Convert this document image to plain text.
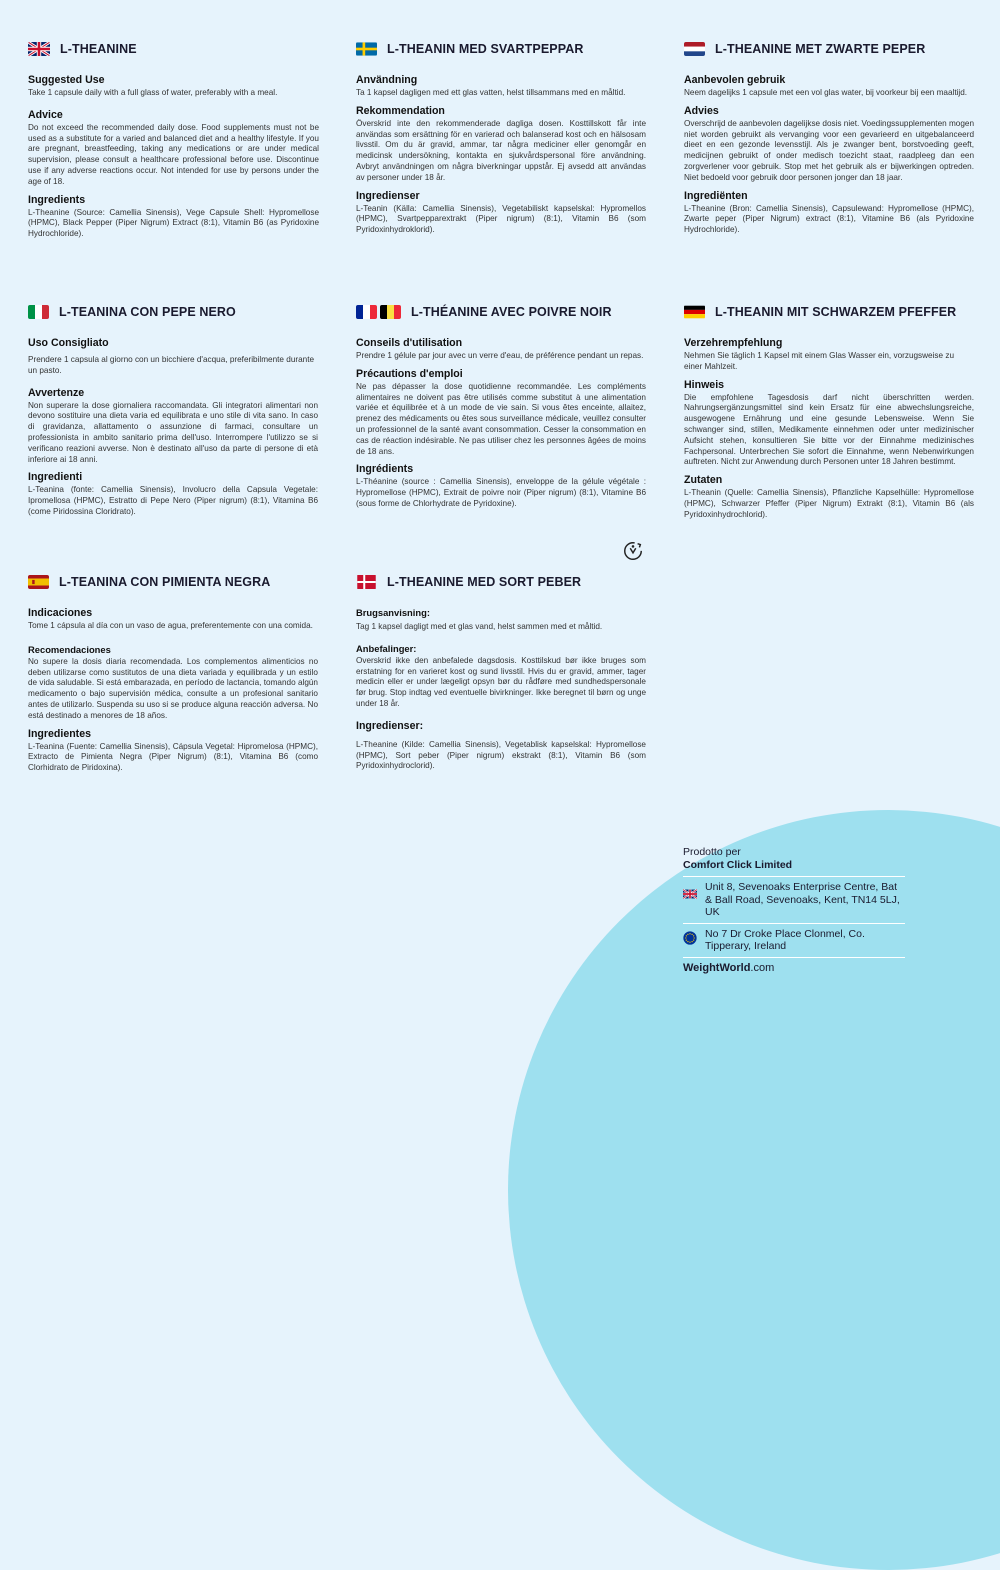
L-THEANINE
Suggested Use
Take 1 capsule daily with a full glass of water, preferably with a meal.
Advice
Do not exceed the recommended daily dose. Food supplements must not be used as a substitute for a varied and balanced diet and a healthy lifestyle. If you are pregnant, breastfeeding, taking any medications or are under medical supervision, please consult a healthcare professional before use. Discontinue use if any adverse reactions occur. Not intended for use by persons under the age of 18.
Ingredients
L-Theanine (Source: Camellia Sinensis), Vege Capsule Shell: Hypromellose (HPMC), Black Pepper (Piper Nigrum) Extract (8:1), Vitamin B6 (as Pyridoxine Hydrochloride).
L-THEANIN MED SVARTPEPPAR
Användning
Ta 1 kapsel dagligen med ett glas vatten, helst tillsammans med en måltid.
Rekommendation
Överskrid inte den rekommenderade dagliga dosen. Kosttillskott får inte användas som ersättning för en varierad och balanserad kost och en hälsosam livsstil. Om du är gravid, ammar, tar några mediciner eller genomgår en medicinsk undersökning, kontakta en sjukvårdspersonal före användning. Avbryt användningen om några biverkningar uppstår. Ej avsedd att användas av personer under 18 år.
Ingredienser
L-Teanin (Källa: Camellia Sinensis), Vegetabiliskt kapselskal: Hypromellos (HPMC), Svartpepparextrakt (Piper nigrum) (8:1), Vitamin B6 (som Pyridoxinhydroklorid).
L-THEANINE MET ZWARTE PEPER
Aanbevolen gebruik
Neem dagelijks 1 capsule met een vol glas water, bij voorkeur bij een maaltijd.
Advies
Overschrijd de aanbevolen dagelijkse dosis niet. Voedingssupplementen mogen niet worden gebruikt als vervanging voor een gevarieerd en uitgebalanceerd dieet en een gezonde levensstijl. Als je zwanger bent, borstvoeding geeft, medicijnen gebruikt of onder medisch toezicht staat, raadpleeg dan een zorgverlener voor gebruik. Stop met het gebruik als er bijwerkingen optreden. Niet bedoeld voor gebruik door personen jonger dan 18 jaar.
Ingrediënten
L-Theanine (Bron: Camellia Sinensis), Capsulewand: Hypromellose (HPMC), Zwarte peper (Piper Nigrum) extract (8:1), Vitamine B6 (als Pyridoxine Hydrochloride).
L-TEANINA CON PEPE NERO
Uso Consigliato
Prendere 1 capsula al giorno con un bicchiere d'acqua, preferibilmente durante un pasto.
Avvertenze
Non superare la dose giornaliera raccomandata. Gli integratori alimentari non devono sostituire una dieta varia ed equilibrata e uno stile di vita sano. In caso di gravidanza, allattamento o assunzione di farmaci, consultare un professionista in ambito sanitario prima dell'uso. Interrompere l'utilizzo se si verificano reazioni avverse. Non è destinato all'uso da parte di persone di età inferiore ai 18 anni.
Ingredienti
L-Teanina (fonte: Camellia Sinensis), Involucro della Capsula Vegetale: Ipromellosa (HPMC), Estratto di Pepe Nero (Piper nigrum) (8:1), Vitamina B6 (come Piridossina Cloridrato).
L-THÉANINE AVEC POIVRE NOIR
Conseils d'utilisation
Prendre 1 gélule par jour avec un verre d'eau, de préférence pendant un repas.
Précautions d'emploi
Ne pas dépasser la dose quotidienne recommandée. Les compléments alimentaires ne doivent pas être utilisés comme substitut à une alimentation variée et équilibrée et à un mode de vie sain. Si vous êtes enceinte, allaitez, prenez des médicaments ou êtes sous surveillance médicale, veuillez consulter un professionnel de la santé avant consommation. Cesser la consommation en cas de réaction indésirable. Ne pas utiliser chez les personnes âgées de moins de 18 ans.
Ingrédients
L-Théanine (source : Camellia Sinensis), enveloppe de la gélule végétale : Hypromellose (HPMC), Extrait de poivre noir (Piper nigrum) (8:1), Vitamine B6 (sous forme de Chlorhydrate de Pyridoxine).
L-THEANIN MIT SCHWARZEM PFEFFER
Verzehrempfehlung
Nehmen Sie täglich 1 Kapsel mit einem Glas Wasser ein, vorzugsweise zu einer Mahlzeit.
Hinweis
Die empfohlene Tagesdosis darf nicht überschritten werden. Nahrungsergänzungsmittel sind kein Ersatz für eine abwechslungsreiche, ausgewogene Ernährung und eine gesunde Lebensweise. Wenn Sie schwanger sind, stillen, Medikamente einnehmen oder unter medizinischer Aufsicht stehen, konsultieren Sie bitte vor der Einnahme medizinisches Fachpersonal. Unterbrechen Sie sofort die Einnahme, wenn Nebenwirkungen auftreten. Nicht zur Anwendung durch Personen unter 18 Jahren bestimmt.
Zutaten
L-Theanin (Quelle: Camellia Sinensis), Pflanzliche Kapselhülle: Hypromellose (HPMC), Schwarzer Pfeffer (Piper Nigrum) Extrakt (8:1), Vitamin B6 (als Pyridoxinhydrochlorid).
L-TEANINA CON PIMIENTA NEGRA
Indicaciones
Tome 1 cápsula al día con un vaso de agua, preferentemente con una comida.
Recomendaciones
No supere la dosis diaria recomendada. Los complementos alimenticios no deben utilizarse como sustitutos de una dieta variada y equilibrada y un estilo de vida saludable. Si está embarazada, en período de lactancia, tomando algún medicamento o bajo supervisión médica, consulte a un profesional sanitario antes de utilizarlo. Suspenda su uso si se produce alguna reacción adversa. No está destinado a menores de 18 años.
Ingredientes
L-Teanina (Fuente: Camellia Sinensis), Cápsula Vegetal: Hipromelosa (HPMC), Extracto de Pimienta Negra (Piper Nigrum) (8:1), Vitamina B6 (como Clorhidrato de Piridoxina).
L-THEANINE MED SORT PEBER
Brugsanvisning:
Tag 1 kapsel dagligt med et glas vand, helst sammen med et måltid.
Anbefalinger:
Overskrid ikke den anbefalede dagsdosis. Kosttilskud bør ikke bruges som erstatning for en varieret kost og sund livsstil. Hvis du er gravid, ammer, tager medicin eller er under lægeligt opsyn bør du rådføre med sundhedspersonale før brug. Stop indtag ved eventuelle bivirkninger. Ikke beregnet til børn og unge under 18 år.
Ingredienser:
L-Theanine (Kilde: Camellia Sinensis), Vegetablisk kapselskal: Hypromellose (HPMC), Sort peber (Piper nigrum) ekstrakt (8:1), Vitamin B6 (som Pyridoxinhydroclorid).
Prodotto per
Comfort Click Limited
Unit 8, Sevenoaks Enterprise Centre, Bat & Ball Road, Sevenoaks, Kent, TN14 5LJ, UK
No 7 Dr Croke Place Clonmel, Co. Tipperary, Ireland
WeightWorld.com
